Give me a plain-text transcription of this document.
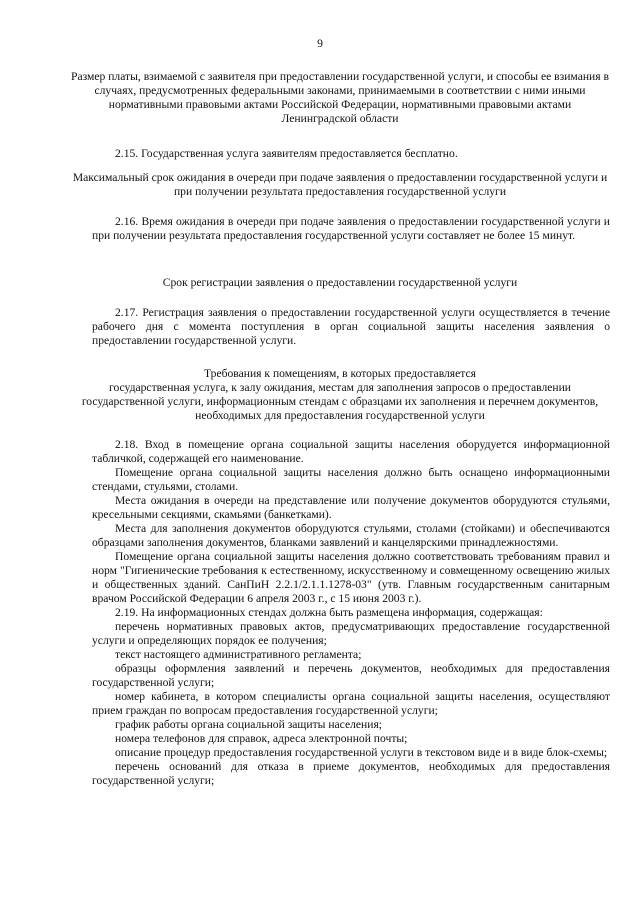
9
Размер платы, взимаемой с заявителя при предоставлении государственной услуги, и способы ее взимания в случаях, предусмотренных федеральными законами, принимаемыми в соответствии с ними иными нормативными правовыми актами Российской Федерации, нормативными правовыми актами Ленинградской области

2.15. Государственная услуга заявителям предоставляется бесплатно.

Максимальный срок ожидания в очереди при подаче заявления о предоставлении государственной услуги и при получении результата предоставления государственной услуги

2.16. Время ожидания в очереди при подаче заявления о предоставлении государственной услуги и при получении результата предоставления государственной услуги составляет не более 15 минут.

Срок регистрации заявления о предоставлении государственной услуги

2.17. Регистрация заявления о предоставлении государственной услуги осуществляется в течение рабочего дня с момента поступления в орган социальной защиты населения заявления о предоставлении государственной услуги.

Требования к помещениям, в которых предоставляется
государственная услуга, к залу ожидания, местам для заполнения запросов о предоставлении государственной услуги, информационным стендам с образцами их заполнения и перечнем документов, необходимых для предоставления государственной услуги

2.18. Вход в помещение органа социальной защиты населения оборудуется информационной табличкой, содержащей его наименование.

Помещение органа социальной защиты населения должно быть оснащено информационными стендами, стульями, столами.

Места ожидания в очереди на представление или получение документов оборудуются стульями, кресельными секциями, скамьями (банкетками).

Места для заполнения документов оборудуются стульями, столами (стойками) и обеспечиваются образцами заполнения документов, бланками заявлений и канцелярскими принадлежностями.

Помещение органа социальной защиты населения должно соответствовать требованиям правил и норм "Гигиенические требования к естественному, искусственному и совмещенному освещению жилых и общественных зданий. СанПиН 2.2.1/2.1.1.1278-03" (утв. Главным государственным санитарным врачом Российской Федерации 6 апреля 2003 г., с 15 июня 2003 г.).

2.19. На информационных стендах должна быть размещена информация, содержащая:

перечень нормативных правовых актов, предусматривающих предоставление государственной услуги и определяющих порядок ее получения;

текст настоящего административного регламента;

образцы оформления заявлений и перечень документов, необходимых для предоставления государственной услуги;

номер кабинета, в котором специалисты органа социальной защиты населения, осуществляют прием граждан по вопросам предоставления государственной услуги;

график работы органа социальной защиты населения;

номера телефонов для справок, адреса электронной почты;

описание процедур предоставления государственной услуги в текстовом виде и в виде блок-схемы;

перечень оснований для отказа в приеме документов, необходимых для предоставления государственной услуги;
